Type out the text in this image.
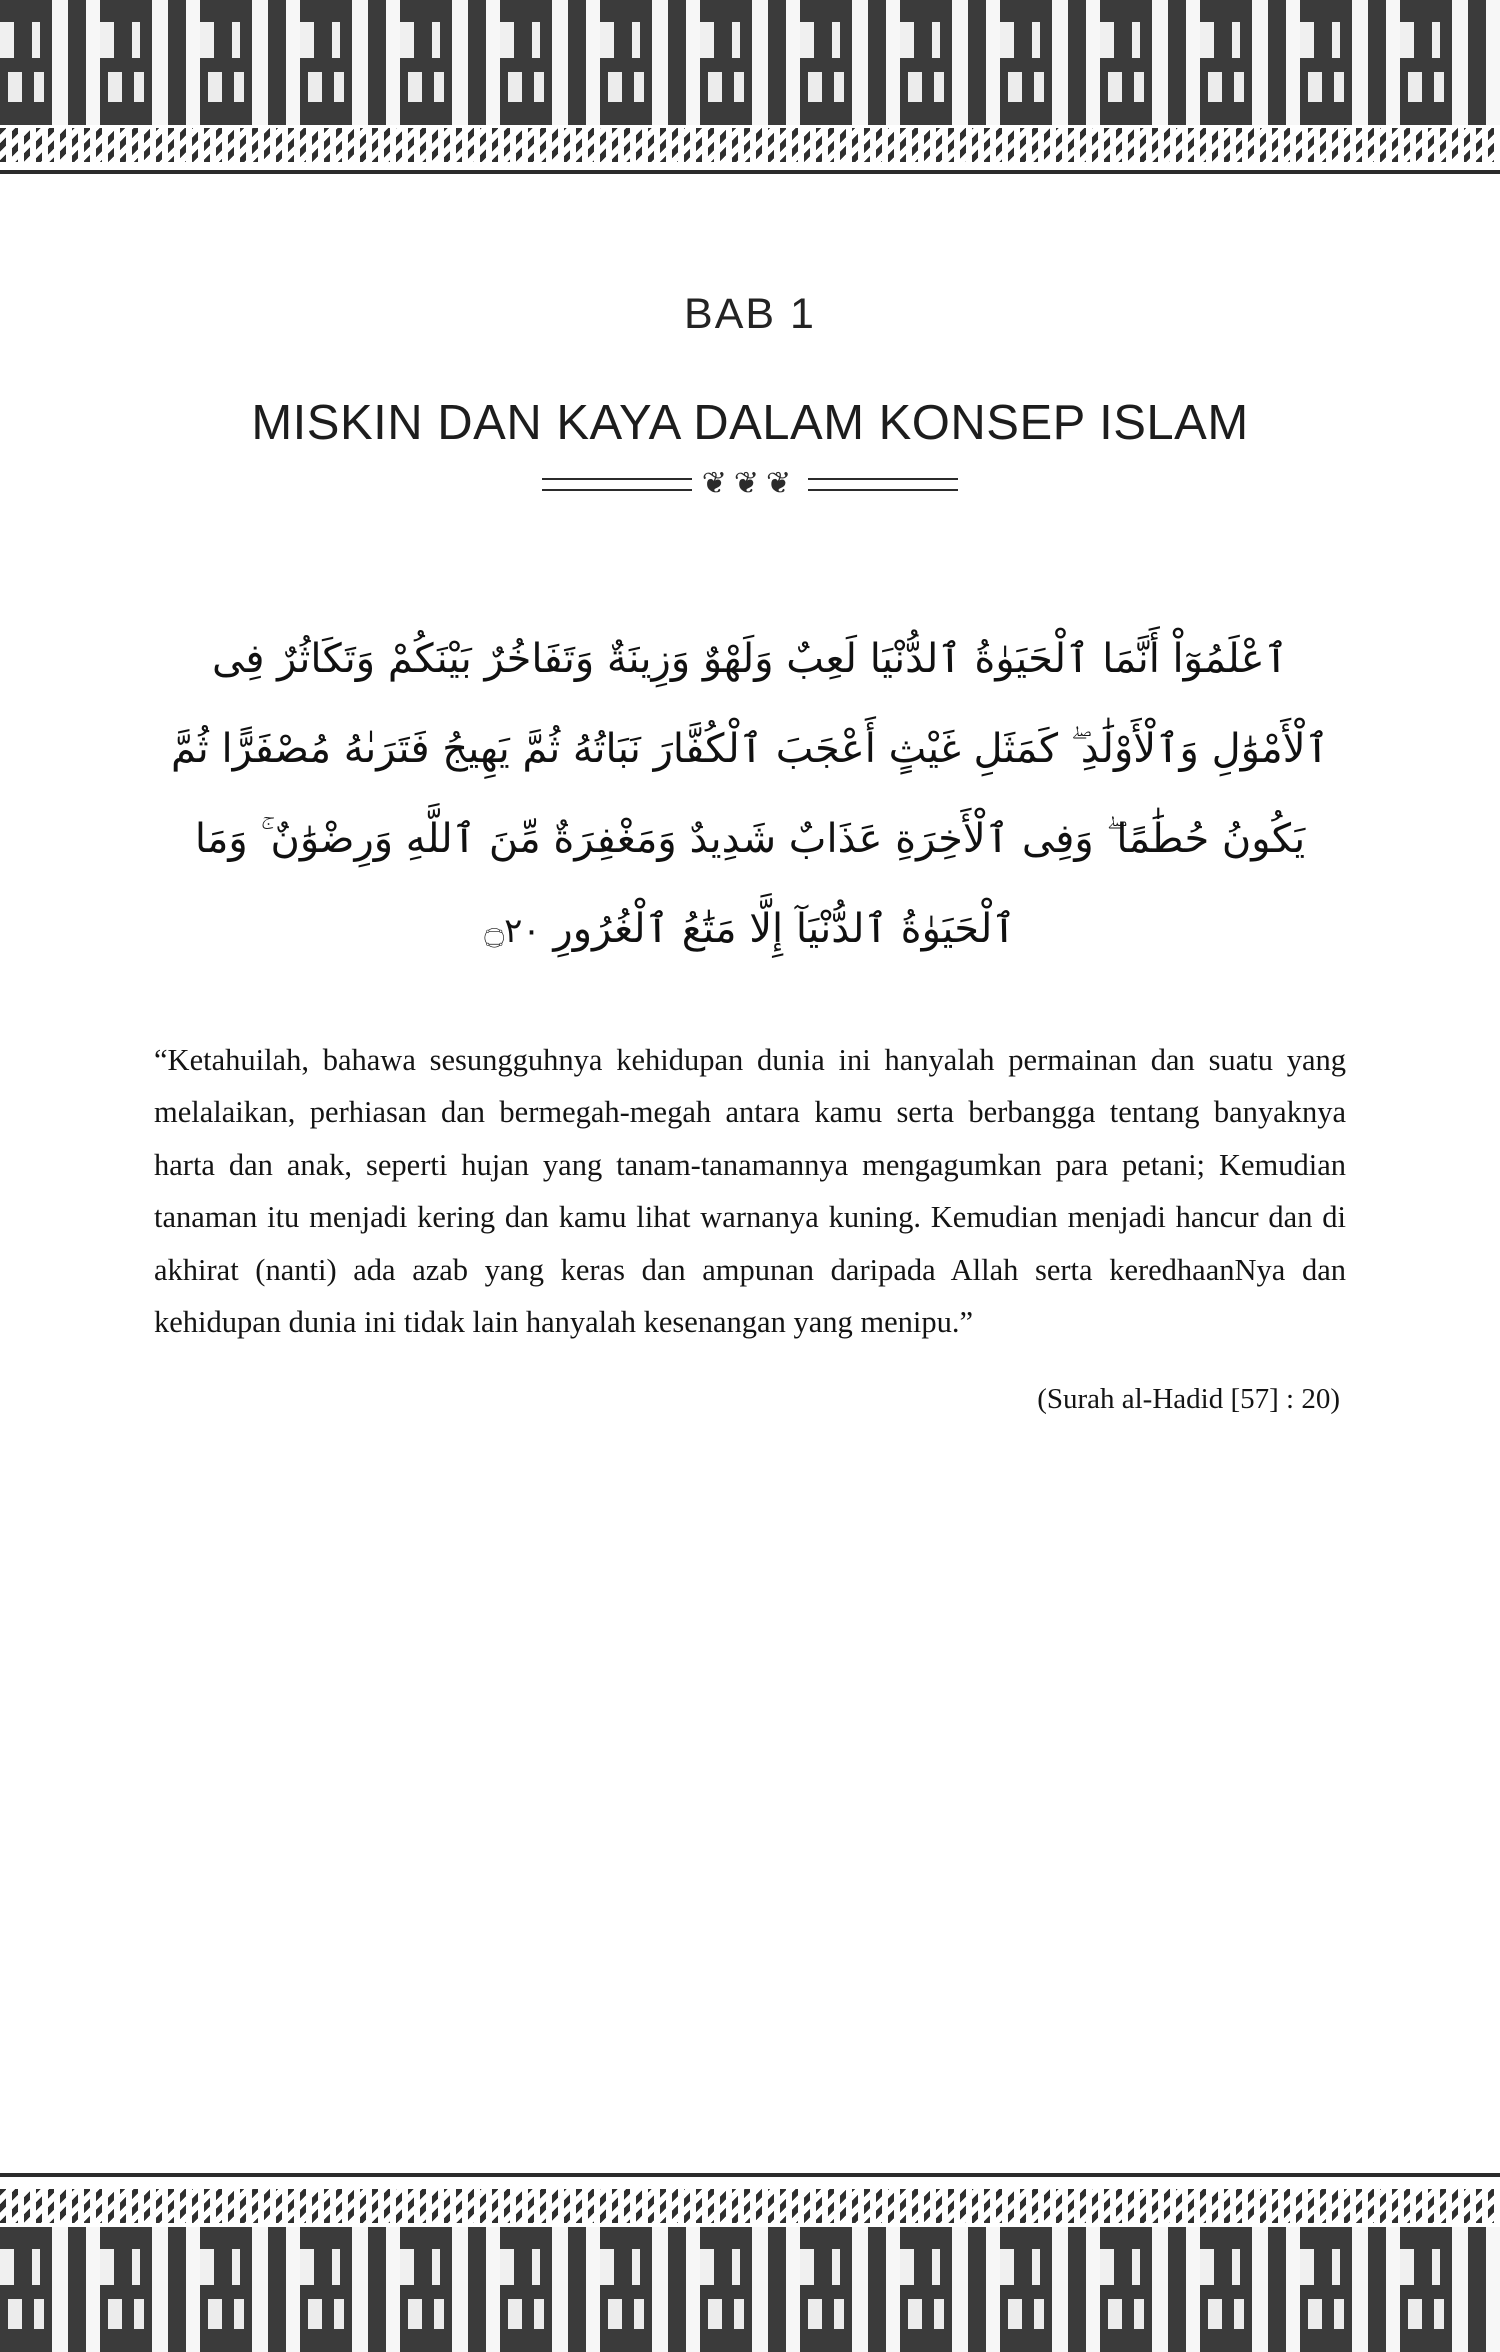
BAB 1
MISKIN DAN KAYA DALAM KONSEP ISLAM
❦❦❦
ٱعْلَمُوٓاْ أَنَّمَا ٱلْحَيَوٰةُ ٱلدُّنْيَا لَعِبٌ وَلَهْوٌ وَزِينَةٌ وَتَفَاخُرٌ بَيْنَكُمْ وَتَكَاثُرٌ فِى ٱلْأَمْوَٰلِ وَٱلْأَوْلَٰدِ ۖ كَمَثَلِ غَيْثٍ أَعْجَبَ ٱلْكُفَّارَ نَبَاتُهُ ثُمَّ يَهِيجُ فَتَرَىٰهُ مُصْفَرًّا ثُمَّ يَكُونُ حُطَٰمًا ۖ وَفِى ٱلْأَخِرَةِ عَذَابٌ شَدِيدٌ وَمَغْفِرَةٌ مِّنَ ٱللَّهِ وَرِضْوَٰنٌ ۚ وَمَا ٱلْحَيَوٰةُ ٱلدُّنْيَآ إِلَّا مَتَٰعُ ٱلْغُرُورِ ۝٢٠
“Ketahuilah, bahawa sesungguhnya kehidupan dunia ini hanyalah permainan dan suatu yang melalaikan, perhiasan dan bermegah-megah antara kamu serta berbangga tentang banyaknya harta dan anak, seperti hujan yang tanam-tanamannya mengagumkan para petani; Kemudian tanaman itu menjadi kering dan kamu lihat warnanya kuning. Kemudian menjadi hancur dan di akhirat (nanti) ada azab yang keras dan ampunan daripada Allah serta keredhaanNya dan kehidupan dunia ini tidak lain hanyalah kesenangan yang menipu.”
(Surah al-Hadid [57] : 20)
